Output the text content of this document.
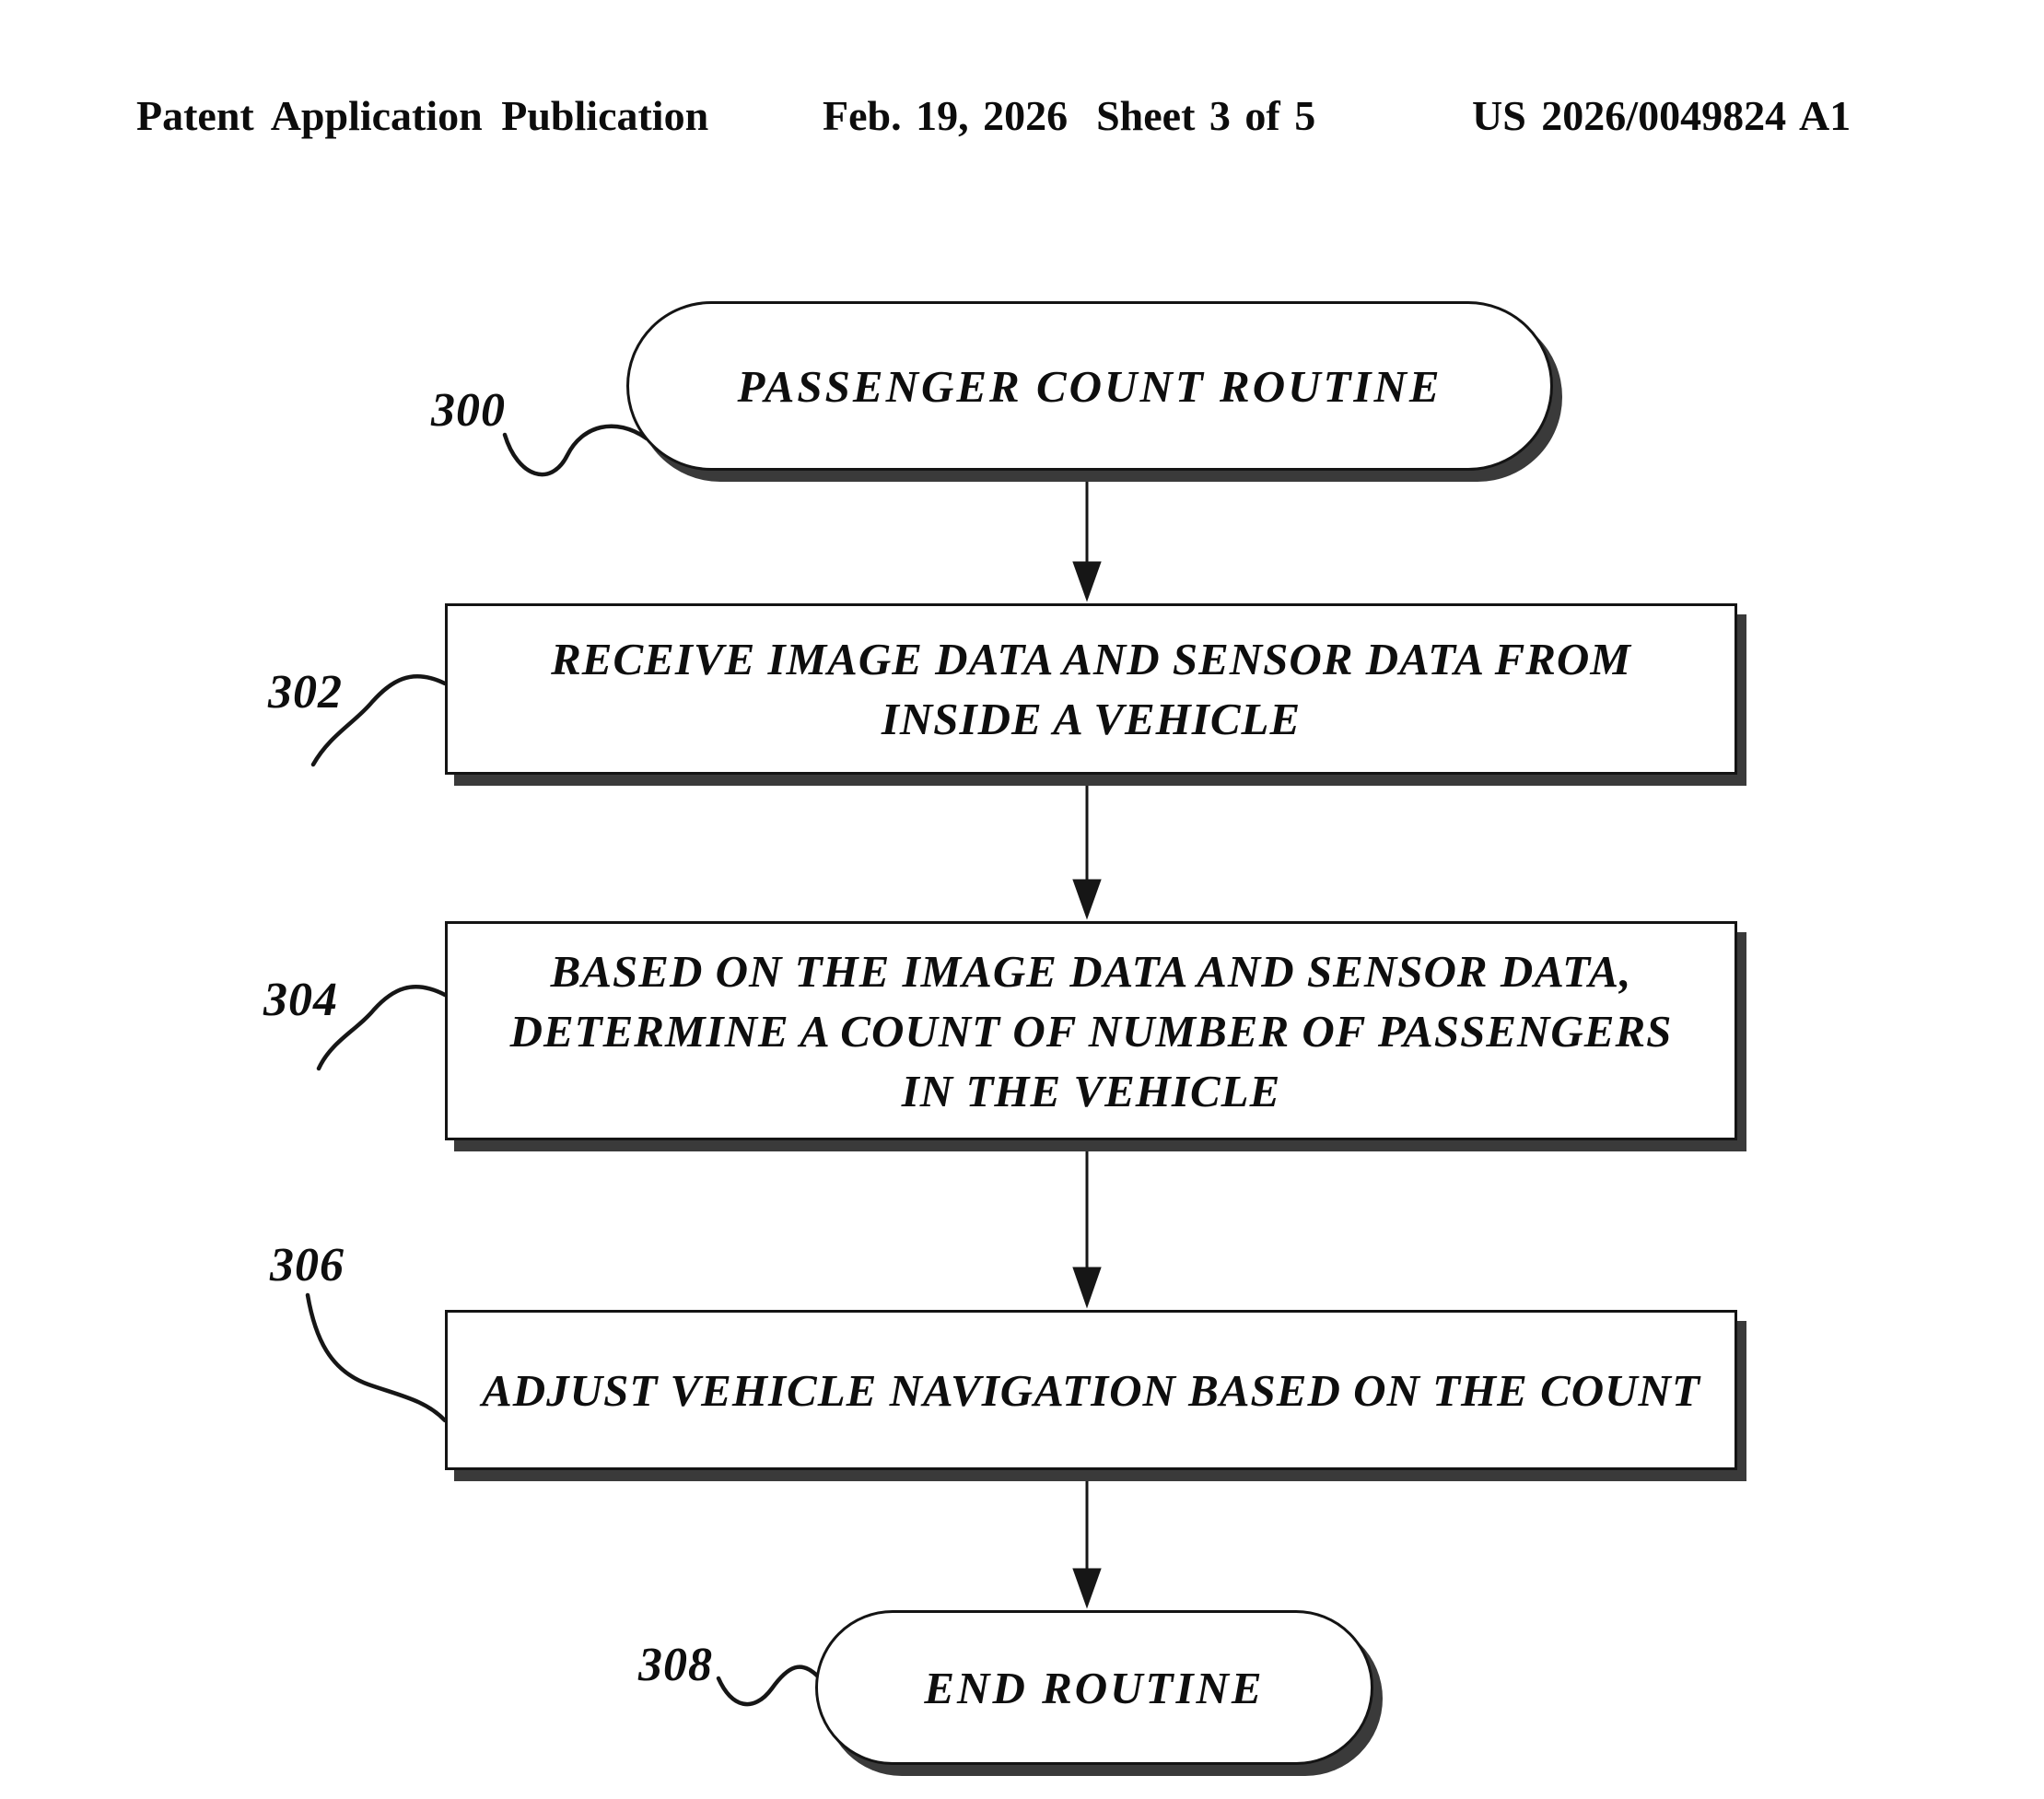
Patent Application Publication	Feb. 19, 2026  Sheet 3 of 5	US 2026/0049824 A1
PASSENGER COUNT ROUTINE
RECEIVE IMAGE DATA AND SENSOR DATA FROM
INSIDE A VEHICLE
BASED ON THE IMAGE DATA AND SENSOR DATA,
DETERMINE A COUNT OF NUMBER OF PASSENGERS
IN THE VEHICLE
ADJUST VEHICLE NAVIGATION BASED ON THE COUNT
END ROUTINE
300
302
304
306
308
